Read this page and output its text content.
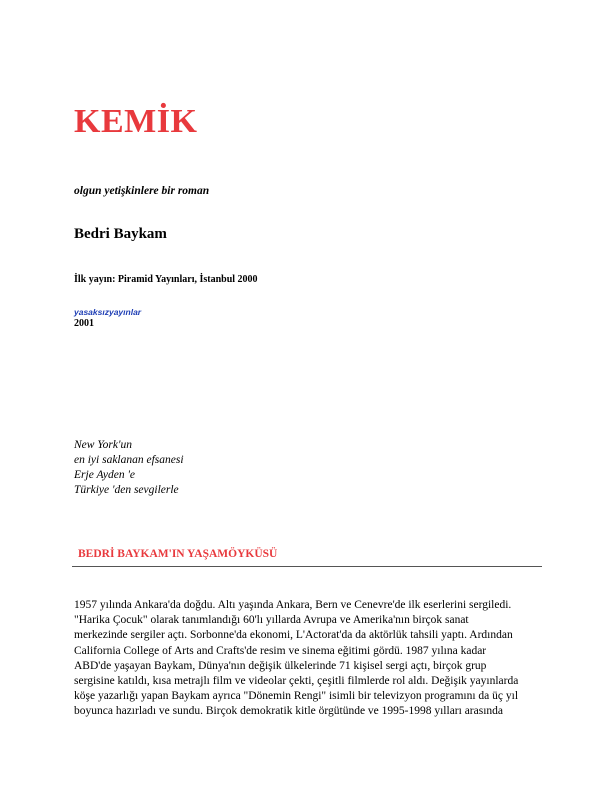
KEMİK
olgun yetişkinlere bir roman
Bedri Baykam
İlk yayın: Piramid Yayınları, İstanbul 2000
yasaksızyayınlar
2001
New York'un
en iyi saklanan efsanesi
Erje Ayden 'e
Türkiye 'den sevgilerle
BEDRİ BAYKAM'IN YAŞAMÖYKÜSÜ
1957 yılında Ankara'da doğdu. Altı yaşında Ankara, Bern ve Cenevre'de ilk eserlerini sergiledi.
"Harika Çocuk" olarak tanımlandığı 60'lı yıllarda Avrupa ve Amerika'nın birçok sanat
merkezinde sergiler açtı. Sorbonne'da ekonomi, L'Actorat'da da aktörlük tahsili yaptı. Ardından
California College of Arts and Crafts'de resim ve sinema eğitimi gördü. 1987 yılına kadar
ABD'de yaşayan Baykam, Dünya'nın değişik ülkelerinde 71 kişisel sergi açtı, birçok grup
sergisine katıldı, kısa metrajlı film ve videolar çekti, çeşitli filmlerde rol aldı. Değişik yayınlarda
köşe yazarlığı yapan Baykam ayrıca "Dönemin Rengi" isimli bir televizyon programını da üç yıl
boyunca hazırladı ve sundu. Birçok demokratik kitle örgütünde ve 1995-1998 yılları arasında
